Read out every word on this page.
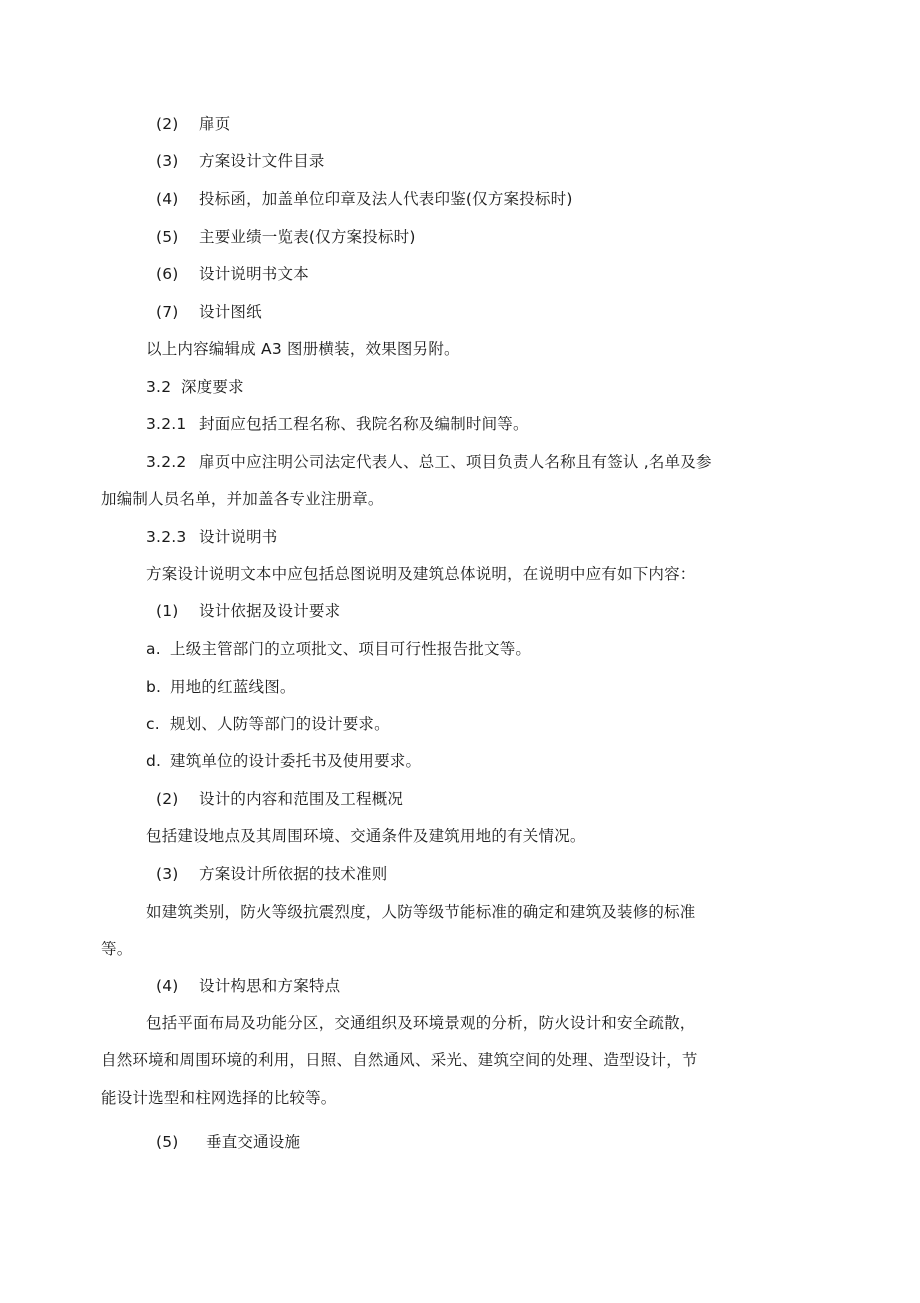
(2) 扉页
(3) 方案设计文件目录
(4) 投标函，加盖单位印章及法人代表印鉴(仅方案投标时)
(5) 主要业绩一览表(仅方案投标时)
(6) 设计说明书文本
(7) 设计图纸
以上内容编辑成 A3 图册横装，效果图另附。
3.2 深度要求
3.2.1 封面应包括工程名称、我院名称及编制时间等。
3.2.2 扉页中应注明公司法定代表人、总工、项目负责人名称且有签认 ,名单及参
加编制人员名单，并加盖各专业注册章。
3.2.3 设计说明书
方案设计说明文本中应包括总图说明及建筑总体说明，在说明中应有如下内容：
(1) 设计依据及设计要求
a. 上级主管部门的立项批文、项目可行性报告批文等。
b. 用地的红蓝线图。
c. 规划、人防等部门的设计要求。
d. 建筑单位的设计委托书及使用要求。
(2) 设计的内容和范围及工程概况
包括建设地点及其周围环境、交通条件及建筑用地的有关情况。
(3) 方案设计所依据的技术准则
如建筑类别，防火等级抗震烈度，人防等级节能标准的确定和建筑及装修的标准
等。
(4) 设计构思和方案特点
包括平面布局及功能分区，交通组织及环境景观的分析，防火设计和安全疏散，
自然环境和周围环境的利用，日照、自然通风、采光、建筑空间的处理、造型设计，节
能设计选型和柱网选择的比较等。
(5) 垂直交通设施
